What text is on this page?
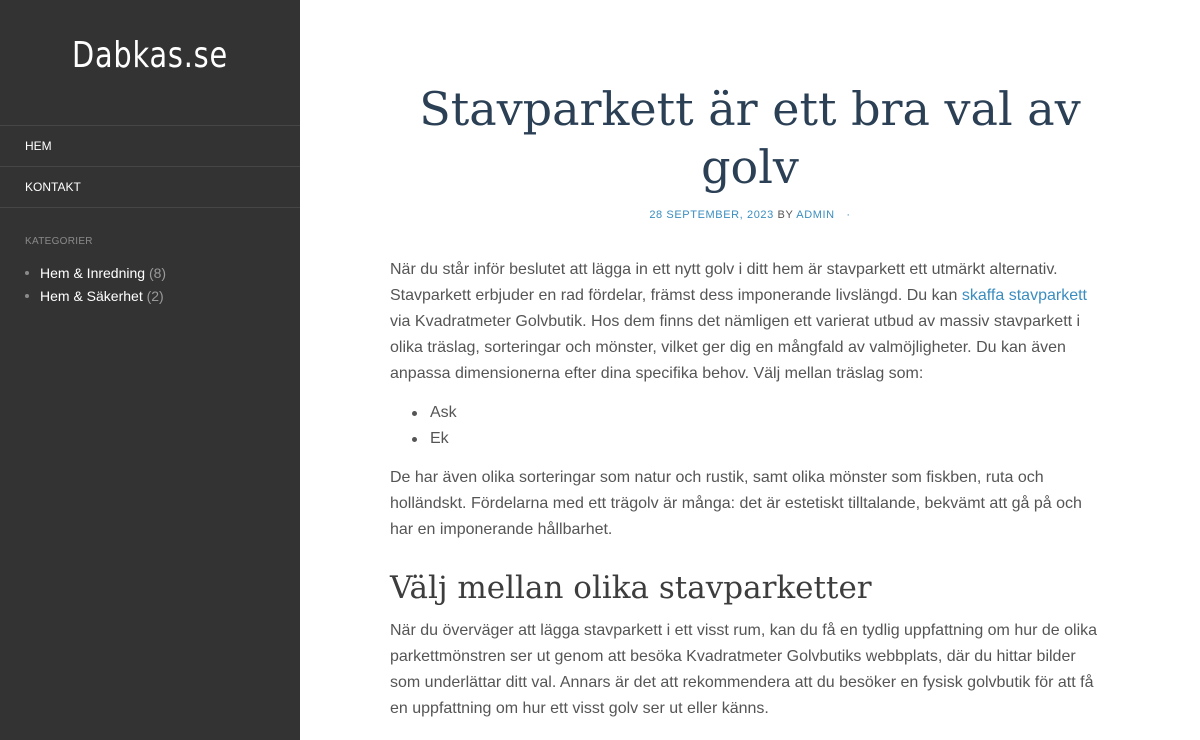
Dabkas.se
HEM
KONTAKT
KATEGORIER
Hem & Inredning (8)
Hem & Säkerhet (2)
Stavparkett är ett bra val av golv
28 SEPTEMBER, 2023 BY ADMIN ·

När du står inför beslutet att lägga in ett nytt golv i ditt hem är stavparkett ett utmärkt alternativ. Stavparkett erbjuder en rad fördelar, främst dess imponerande livslängd. Du kan skaffa stavparkett via Kvadratmeter Golvbutik. Hos dem finns det nämligen ett varierat utbud av massiv stavparkett i olika träslag, sorteringar och mönster, vilket ger dig en mångfald av valmöjligheter. Du kan även anpassa dimensionerna efter dina specifika behov. Välj mellan träslag som:

Ask
Ek

De har även olika sorteringar som natur och rustik, samt olika mönster som fiskben, ruta och holländskt. Fördelarna med ett trägolv är många: det är estetiskt tilltalande, bekvämt att gå på och har en imponerande hållbarhet.

Välj mellan olika stavparketter

När du överväger att lägga stavparkett i ett visst rum, kan du få en tydlig uppfattning om hur de olika parkettmönstren ser ut genom att besöka Kvadratmeter Golvbutiks webbplats, där du hittar bilder som underlättar ditt val. Annars är det att rekommendera att du besöker en fysisk golvbutik för att få en uppfattning om hur ett visst golv ser ut eller känns.
